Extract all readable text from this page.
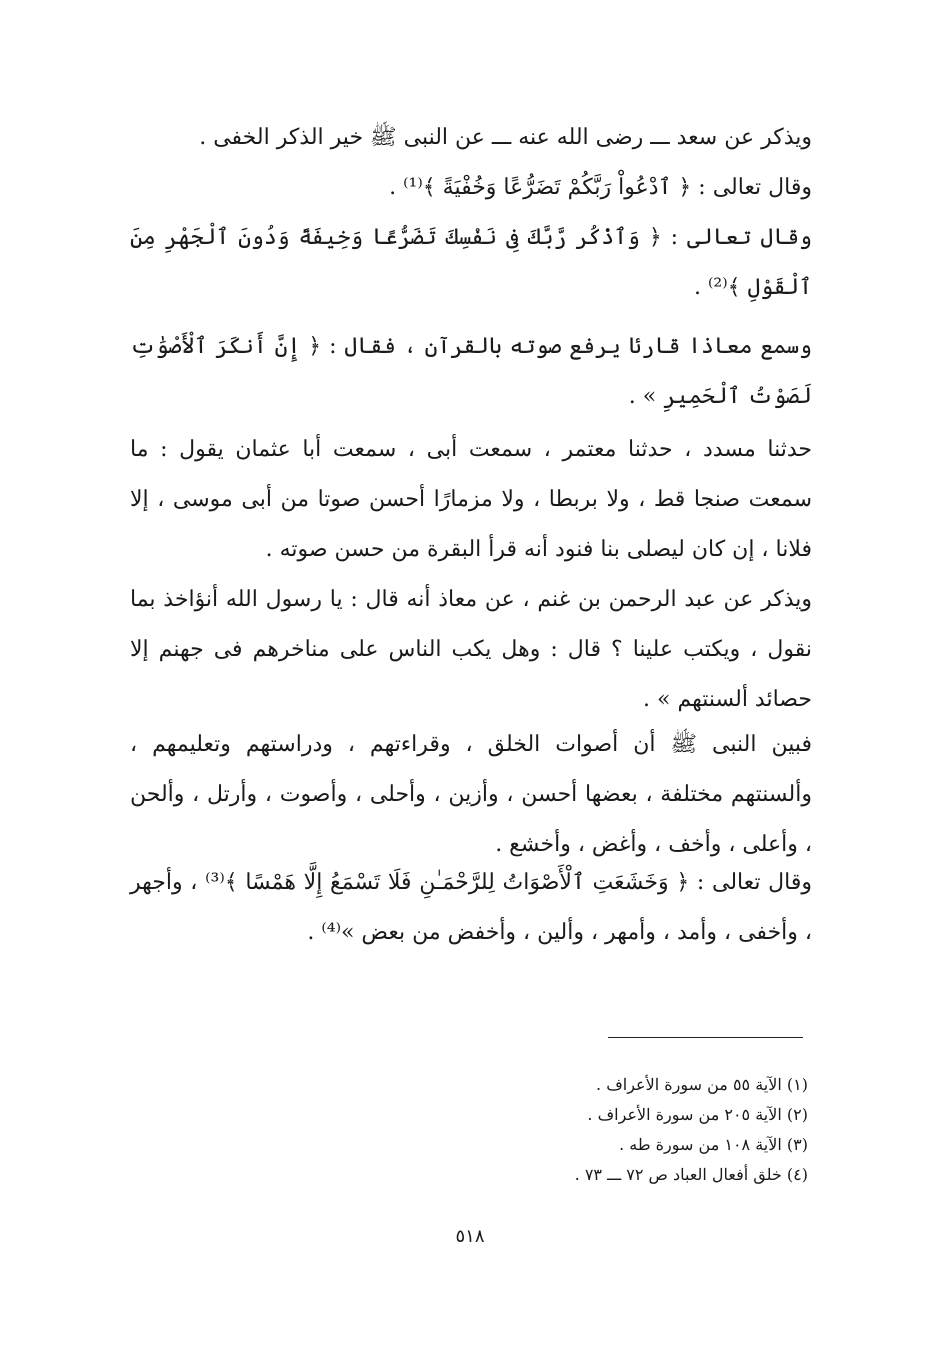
ويذكر عن سعد ـــ رضى الله عنه ـــ عن النبى ﷺ خير الذكر الخفى .

وقال تعالى : ﴿ ٱدْعُواْ رَبَّكُمْ تَضَرُّعًا وَخُفْيَةً ﴾⁽¹⁾ .

وقال تعالى : ﴿ وَٱذْكُر رَّبَّكَ فِى نَفْسِكَ تَضَرُّعًا وَخِيفَةً وَدُونَ ٱلْجَهْرِ مِنَ ٱلْقَوْلِ ﴾⁽²⁾ .

وسمع معاذا قارئا يرفع صوته بالقرآن ، فقال : ﴿ إِنَّ أَنكَرَ ٱلْأَصْوَٰتِ لَصَوْتُ ٱلْحَمِيرِ » .

حدثنا مسدد ، حدثنا معتمر ، سمعت أبى ، سمعت أبا عثمان يقول : ما سمعت صنجا قط ، ولا بربطا ، ولا مزمارًا أحسن صوتا من أبى موسى ، إلا فلانا ، إن كان ليصلى بنا فنود أنه قرأ البقرة من حسن صوته .

ويذكر عن عبد الرحمن بن غنم ، عن معاذ أنه قال : يا رسول الله أنؤاخذ بما نقول ، ويكتب علينا ؟ قال : وهل يكب الناس على مناخرهم فى جهنم إلا حصائد ألسنتهم » .

فبين النبى ﷺ أن أصوات الخلق ، وقراءتهم ، ودراستهم وتعليمهم ، وألسنتهم مختلفة ، بعضها أحسن ، وأزين ، وأحلى ، وأصوت ، وأرتل ، وألحن ، وأعلى ، وأخف ، وأغض ، وأخشع .

وقال تعالى : ﴿ وَخَشَعَتِ ٱلْأَصْوَاتُ لِلرَّحْمَـٰنِ فَلَا تَسْمَعُ إِلَّا هَمْسًا ﴾⁽³⁾ ، وأجهر ، وأخفى ، وأمد ، وأمهر ، وألين ، وأخفض من بعض »⁽⁴⁾ .

(١) الآية ٥٥ من سورة الأعراف .
(٢) الآية ٢٠٥ من سورة الأعراف .
(٣) الآية ١٠٨ من سورة طه .
(٤) خلق أفعال العباد ص ٧٢ ـــ ٧٣ .
٥١٨
